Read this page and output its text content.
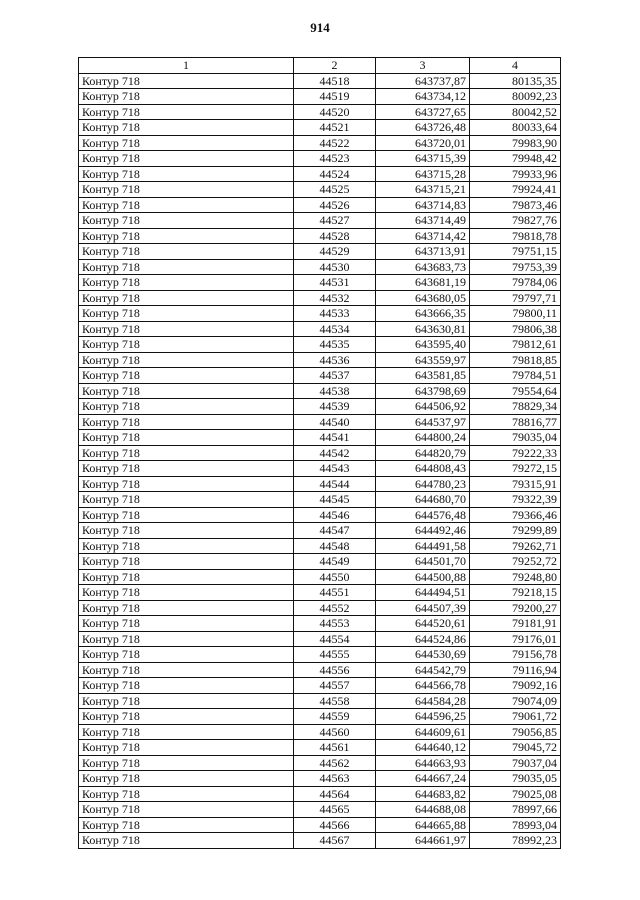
914
1	2	3	4
Контур 718	44518	643737,87	80135,35
Контур 718	44519	643734,12	80092,23
Контур 718	44520	643727,65	80042,52
Контур 718	44521	643726,48	80033,64
Контур 718	44522	643720,01	79983,90
Контур 718	44523	643715,39	79948,42
Контур 718	44524	643715,28	79933,96
Контур 718	44525	643715,21	79924,41
Контур 718	44526	643714,83	79873,46
Контур 718	44527	643714,49	79827,76
Контур 718	44528	643714,42	79818,78
Контур 718	44529	643713,91	79751,15
Контур 718	44530	643683,73	79753,39
Контур 718	44531	643681,19	79784,06
Контур 718	44532	643680,05	79797,71
Контур 718	44533	643666,35	79800,11
Контур 718	44534	643630,81	79806,38
Контур 718	44535	643595,40	79812,61
Контур 718	44536	643559,97	79818,85
Контур 718	44537	643581,85	79784,51
Контур 718	44538	643798,69	79554,64
Контур 718	44539	644506,92	78829,34
Контур 718	44540	644537,97	78816,77
Контур 718	44541	644800,24	79035,04
Контур 718	44542	644820,79	79222,33
Контур 718	44543	644808,43	79272,15
Контур 718	44544	644780,23	79315,91
Контур 718	44545	644680,70	79322,39
Контур 718	44546	644576,48	79366,46
Контур 718	44547	644492,46	79299,89
Контур 718	44548	644491,58	79262,71
Контур 718	44549	644501,70	79252,72
Контур 718	44550	644500,88	79248,80
Контур 718	44551	644494,51	79218,15
Контур 718	44552	644507,39	79200,27
Контур 718	44553	644520,61	79181,91
Контур 718	44554	644524,86	79176,01
Контур 718	44555	644530,69	79156,78
Контур 718	44556	644542,79	79116,94
Контур 718	44557	644566,78	79092,16
Контур 718	44558	644584,28	79074,09
Контур 718	44559	644596,25	79061,72
Контур 718	44560	644609,61	79056,85
Контур 718	44561	644640,12	79045,72
Контур 718	44562	644663,93	79037,04
Контур 718	44563	644667,24	79035,05
Контур 718	44564	644683,82	79025,08
Контур 718	44565	644688,08	78997,66
Контур 718	44566	644665,88	78993,04
Контур 718	44567	644661,97	78992,23
